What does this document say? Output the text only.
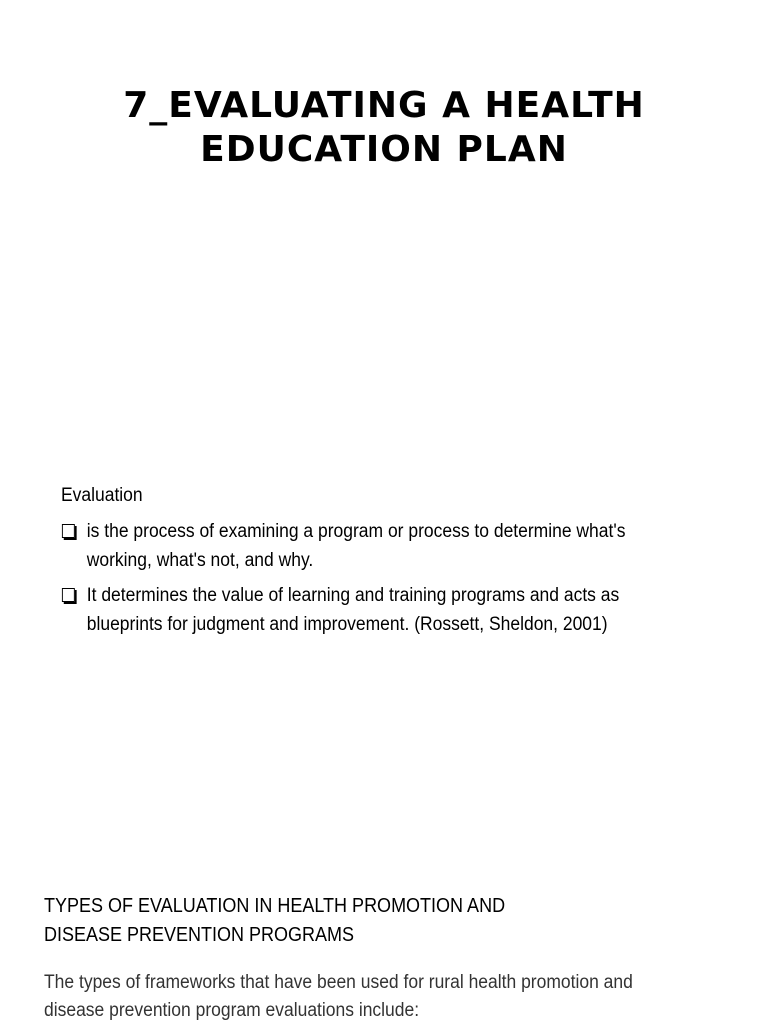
7_EVALUATING A HEALTH
EDUCATION PLAN

Evaluation

is the process of examining a program or process to determine what's
working, what's not, and why.
It determines the value of learning and training programs and acts as
blueprints for judgment and improvement. (Rossett, Sheldon, 2001)
TYPES OF EVALUATION IN HEALTH PROMOTION AND
DISEASE PREVENTION PROGRAMS

The types of frameworks that have been used for rural health promotion and
disease prevention program evaluations include:
